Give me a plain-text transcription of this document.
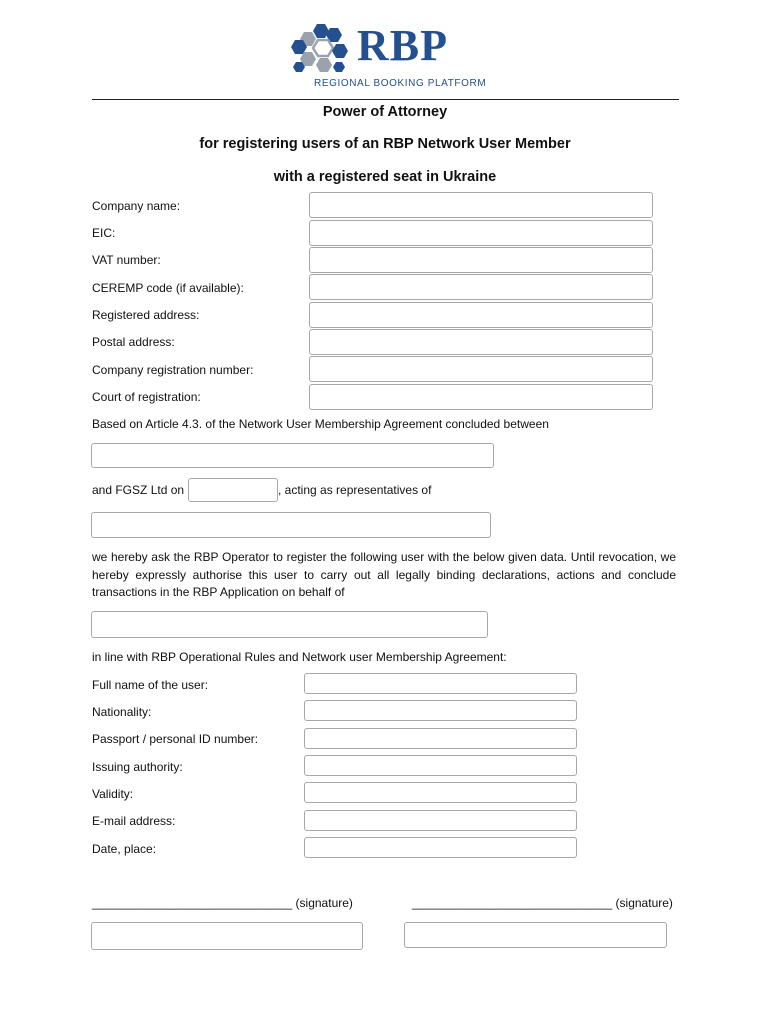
RBP
REGIONAL BOOKING PLATFORM
Power of Attorney
for registering users of an RBP Network User Member
with a registered seat in Ukraine
Company name:
EIC:
VAT number:
CEREMP code (if available):
Registered address:
Postal address:
Company registration number:
Court of registration:
Based on Article 4.3. of the Network User Membership Agreement concluded between
and FGSZ Ltd on	, acting as representatives of
we hereby ask the RBP Operator to register the following user with the below given data. Until revocation, we hereby expressly authorise this user to carry out all legally binding declarations, actions and conclude transactions in the RBP Application on behalf of
in line with RBP Operational Rules and Network user Membership Agreement:
Full name of the user:
Nationality:
Passport / personal ID number:
Issuing authority:
Validity:
E-mail address:
Date, place:
______________________________ (signature)	______________________________ (signature)
